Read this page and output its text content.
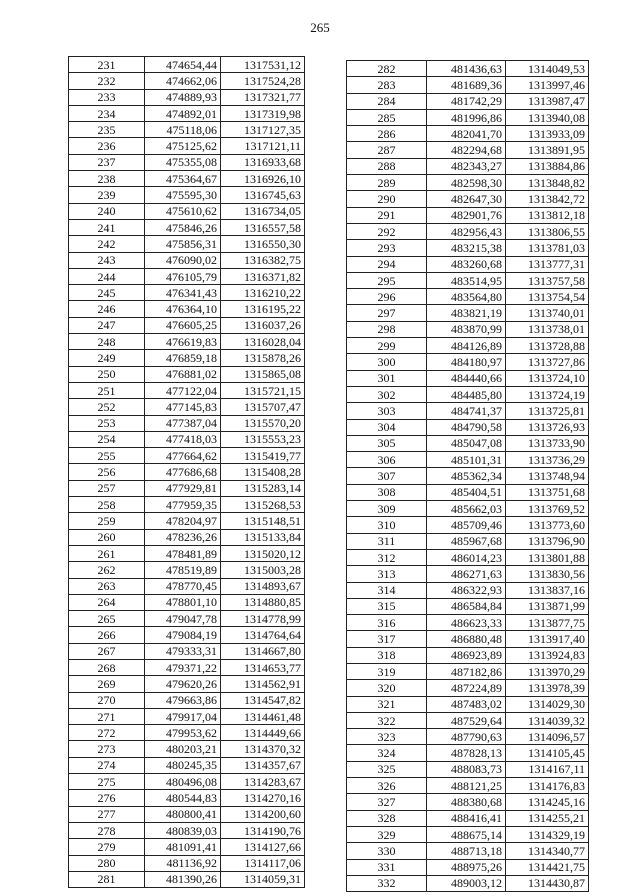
265
231	474654,44	1317531,12
232	474662,06	1317524,28
233	474889,93	1317321,77
234	474892,01	1317319,98
235	475118,06	1317127,35
236	475125,62	1317121,11
237	475355,08	1316933,68
238	475364,67	1316926,10
239	475595,30	1316745,63
240	475610,62	1316734,05
241	475846,26	1316557,58
242	475856,31	1316550,30
243	476090,02	1316382,75
244	476105,79	1316371,82
245	476341,43	1316210,22
246	476364,10	1316195,22
247	476605,25	1316037,26
248	476619,83	1316028,04
249	476859,18	1315878,26
250	476881,02	1315865,08
251	477122,04	1315721,15
252	477145,83	1315707,47
253	477387,04	1315570,20
254	477418,03	1315553,23
255	477664,62	1315419,77
256	477686,68	1315408,28
257	477929,81	1315283,14
258	477959,35	1315268,53
259	478204,97	1315148,51
260	478236,26	1315133,84
261	478481,89	1315020,12
262	478519,89	1315003,28
263	478770,45	1314893,67
264	478801,10	1314880,85
265	479047,78	1314778,99
266	479084,19	1314764,64
267	479333,31	1314667,80
268	479371,22	1314653,77
269	479620,26	1314562,91
270	479663,86	1314547,82
271	479917,04	1314461,48
272	479953,62	1314449,66
273	480203,21	1314370,32
274	480245,35	1314357,67
275	480496,08	1314283,67
276	480544,83	1314270,16
277	480800,41	1314200,60
278	480839,03	1314190,76
279	481091,41	1314127,66
280	481136,92	1314117,06
281	481390,26	1314059,31
282	481436,63	1314049,53
283	481689,36	1313997,46
284	481742,29	1313987,47
285	481996,86	1313940,08
286	482041,70	1313933,09
287	482294,68	1313891,95
288	482343,27	1313884,86
289	482598,30	1313848,82
290	482647,30	1313842,72
291	482901,76	1313812,18
292	482956,43	1313806,55
293	483215,38	1313781,03
294	483260,68	1313777,31
295	483514,95	1313757,58
296	483564,80	1313754,54
297	483821,19	1313740,01
298	483870,99	1313738,01
299	484126,89	1313728,88
300	484180,97	1313727,86
301	484440,66	1313724,10
302	484485,80	1313724,19
303	484741,37	1313725,81
304	484790,58	1313726,93
305	485047,08	1313733,90
306	485101,31	1313736,29
307	485362,34	1313748,94
308	485404,51	1313751,68
309	485662,03	1313769,52
310	485709,46	1313773,60
311	485967,68	1313796,90
312	486014,23	1313801,88
313	486271,63	1313830,56
314	486322,93	1313837,16
315	486584,84	1313871,99
316	486623,33	1313877,75
317	486880,48	1313917,40
318	486923,89	1313924,83
319	487182,86	1313970,29
320	487224,89	1313978,39
321	487483,02	1314029,30
322	487529,64	1314039,32
323	487790,63	1314096,57
324	487828,13	1314105,45
325	488083,73	1314167,11
326	488121,25	1314176,83
327	488380,68	1314245,16
328	488416,41	1314255,21
329	488675,14	1314329,19
330	488713,18	1314340,77
331	488975,26	1314421,75
332	489003,12	1314430,87
